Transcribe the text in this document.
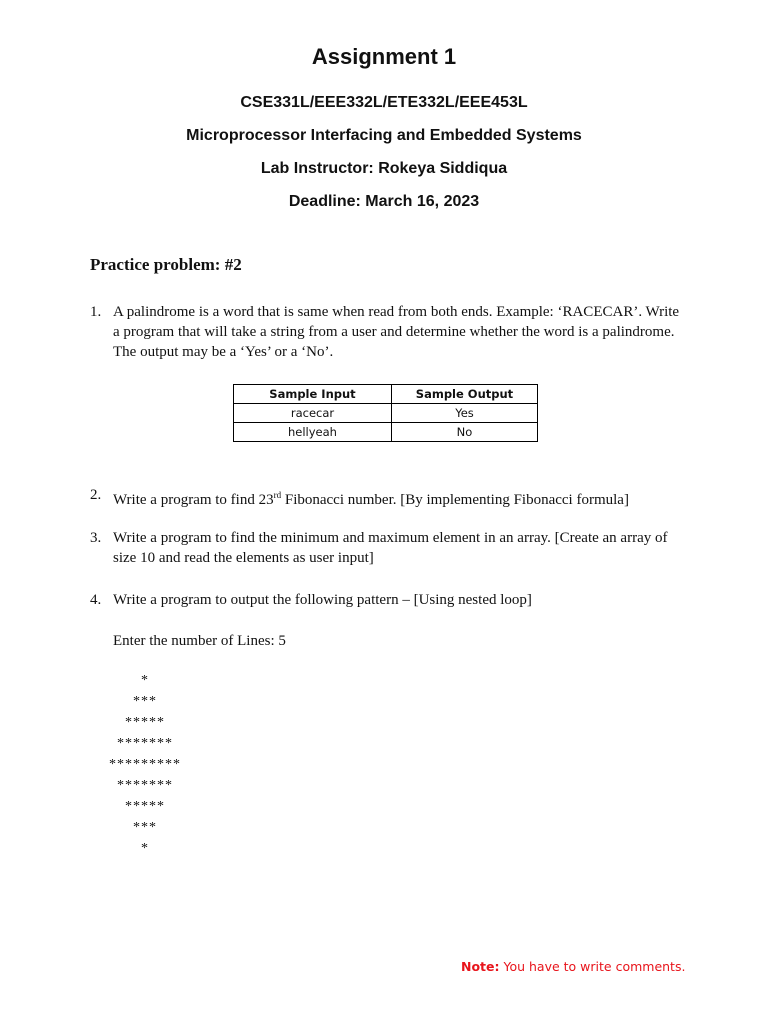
Assignment 1
CSE331L/EEE332L/ETE332L/EEE453L
Microprocessor Interfacing and Embedded Systems
Lab Instructor: Rokeya Siddiqua
Deadline: March 16, 2023
Practice problem: #2
1. A palindrome is a word that is same when read from both ends. Example: ‘RACECAR’. Write a program that will take a string from a user and determine whether the word is a palindrome. The output may be a ‘Yes’ or a ‘No’.
Sample Input	Sample Output
racecar	Yes
hellyeah	No
2. Write a program to find 23rd Fibonacci number. [By implementing Fibonacci formula]
3. Write a program to find the minimum and maximum element in an array. [Create an array of size 10 and read the elements as user input]
4. Write a program to output the following pattern – [Using nested loop]
Enter the number of Lines: 5
*
***
*****
*******
*********
*******
*****
***
*
Note: You have to write comments.
